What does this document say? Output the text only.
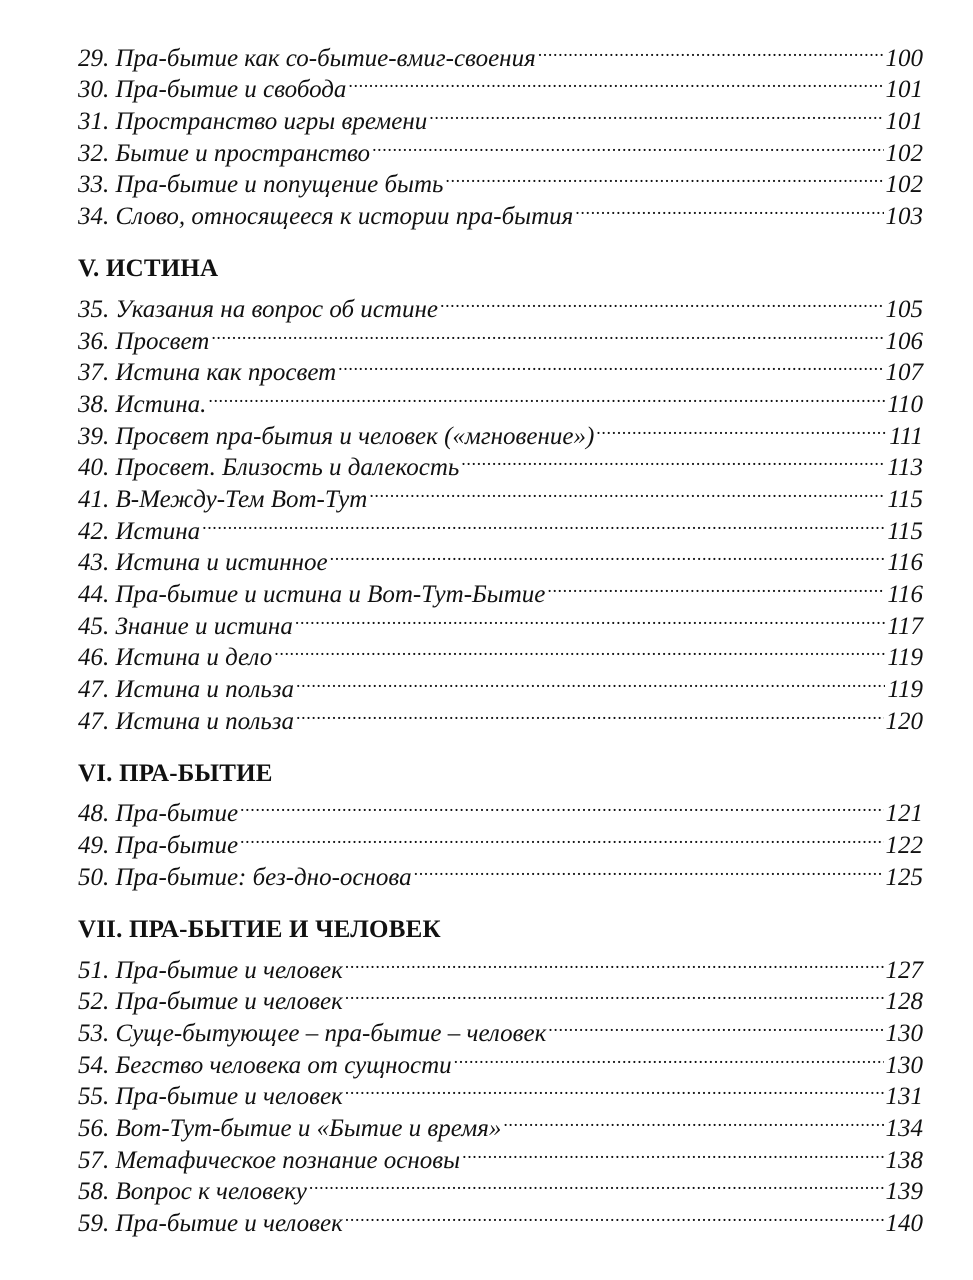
29. Пра-бытие как со-бытие-вмиг-своения .....	100
30. Пра-бытие и свобода .....	101
31. Пространство игры времени .....	101
32. Бытие и пространство .....	102
33. Пра-бытие и попущение быть .....	102
34. Слово, относящееся к истории пра-бытия .....	103
V. ИСТИНА
35. Указания на вопрос об истине .....	105
36. Просвет .....	106
37. Истина как просвет .....	107
38. Истина. .....	110
39. Просвет пра-бытия и человек («мгновение») .....	111
40. Просвет. Близость и далекость .....	113
41. В-Между-Тем Вот-Тут .....	115
42. Истина .....	115
43. Истина и истинное .....	116
44. Пра-бытие и истина и Вот-Тут-Бытие .....	116
45. Знание и истина .....	117
46. Истина и дело .....	119
47. Истина и польза .....	119
47. Истина и польза .....	120
VI. ПРА-БЫТИЕ
48. Пра-бытие .....	121
49. Пра-бытие .....	122
50. Пра-бытие: без-дно-основа .....	125
VII. ПРА-БЫТИЕ И ЧЕЛОВЕК
51. Пра-бытие и человек .....	127
52. Пра-бытие и человек .....	128
53. Суще-бытующее – пра-бытие – человек .....	130
54. Бегство человека от сущности .....	130
55. Пра-бытие и человек .....	131
56. Вот-Тут-бытие и «Бытие и время» .....	134
57. Метафическое познание основы .....	138
58. Вопрос к человеку .....	139
59. Пра-бытие и человек .....	140
